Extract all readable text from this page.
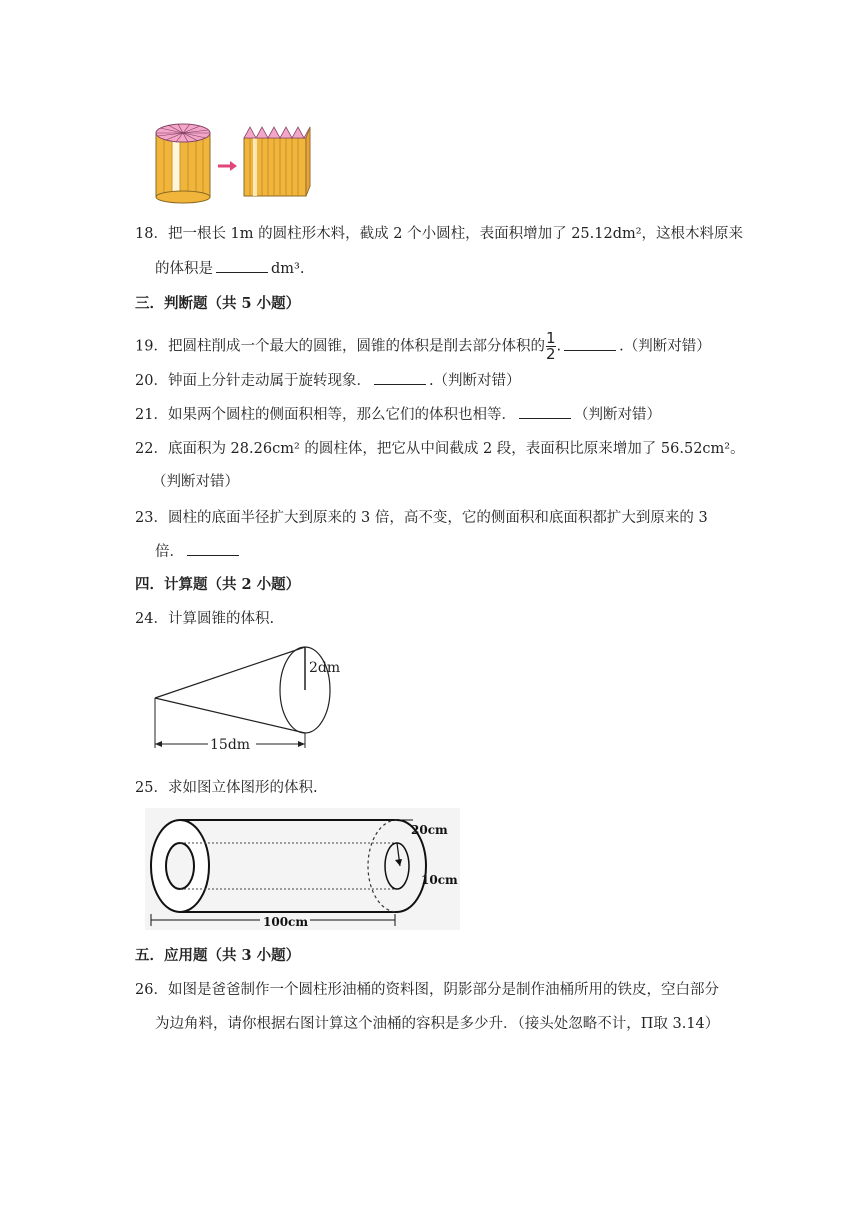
18．把一根长 1m 的圆柱形木料，截成 2 个小圆柱，表面积增加了 25.12dm²，这根木料原来
的体积是	dm³.
三．判断题（共 5 小题）
19．把圆柱削成一个最大的圆锥，圆锥的体积是削去部分体积的 $\frac{1}{2}$ .	.（判断对错）
20．钟面上分针走动属于旋转现象．	.（判断对错）
21．如果两个圆柱的侧面积相等，那么它们的体积也相等．	（判断对错）
22．底面积为 28.26cm² 的圆柱体，把它从中间截成 2 段，表面积比原来增加了 56.52cm²。
（判断对错）
23．圆柱的底面半径扩大到原来的 3 倍，高不变，它的侧面积和底面积都扩大到原来的 3
倍．
四．计算题（共 2 小题）
24．计算圆锥的体积.
2dm
15dm
25．求如图立体图形的体积.
20cm
10cm
100cm
五．应用题（共 3 小题）
26．如图是爸爸制作一个圆柱形油桶的资料图，阴影部分是制作油桶所用的铁皮，空白部分
为边角料，请你根据右图计算这个油桶的容积是多少升．（接头处忽略不计，Π取 3.14）
